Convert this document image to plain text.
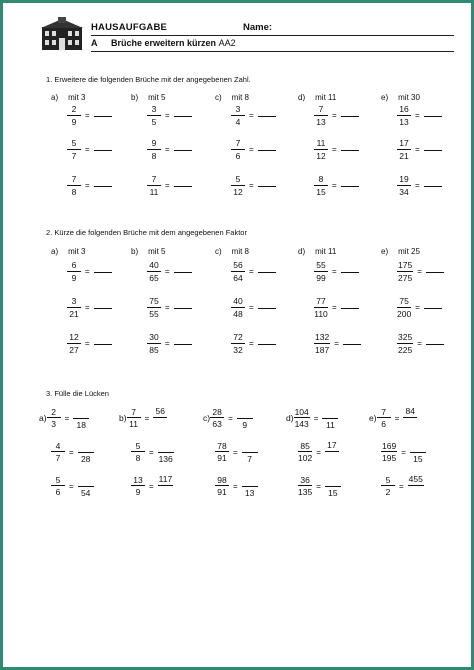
HAUSAUFGABE	Name:
A Brüche erweitern kürzen AA2
1. Erweitere die folgenden Brüche mit der angegebenen Zahl.
2. Kürze die folgenden Brüche mit dem angegebenen Faktor
3. Fülle die Lücken
a) mit 3
$\frac{2}{9}$ =
$\frac{5}{7}$ =
$\frac{7}{8}$ =
b) mit 5
$\frac{3}{5}$ =
$\frac{9}{8}$ =
$\frac{7}{11}$ =
c) mit 8
$\frac{3}{4}$ =
$\frac{7}{6}$ =
$\frac{5}{12}$ =
d) mit 11
$\frac{7}{13}$ =
$\frac{11}{12}$ =
$\frac{8}{15}$ =
e) mit 30
$\frac{16}{13}$ =
$\frac{17}{21}$ =
$\frac{19}{34}$ =
a) mit 3
$\frac{6}{9}$ =
$\frac{3}{21}$ =
$\frac{12}{27}$ =
b) mit 5
$\frac{40}{65}$ =
$\frac{75}{55}$ =
$\frac{30}{85}$ =
c) mit 8
$\frac{56}{64}$ =
$\frac{40}{48}$ =
$\frac{72}{32}$ =
d) mit 11
$\frac{55}{99}$ =
$\frac{77}{110}$ =
$\frac{132}{187}$ =
e) mit 25
$\frac{175}{275}$ =
$\frac{75}{200}$ =
$\frac{325}{225}$ =
$a) \frac{2}{3}$ =
18
$\frac{4}{7}$ =
28
$\frac{5}{6}$ =
54
$b) \frac{7}{11}$ =
56
$\frac{5}{8}$ =
136
$\frac{13}{9}$ =
117
$c) \frac{28}{63}$ =
9
$\frac{78}{91}$ =
7
$\frac{98}{91}$ =
13
$d) \frac{104}{143}$ =
11
$\frac{85}{102}$ =
17
$\frac{36}{135}$ =
15
$e) \frac{7}{6}$ =
84
$\frac{169}{195}$ =
15
$\frac{5}{2}$ =
455
